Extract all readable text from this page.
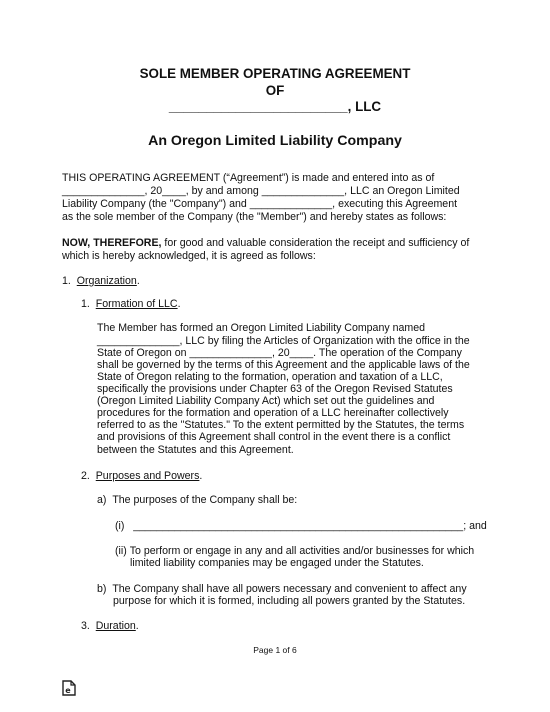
SOLE MEMBER OPERATING AGREEMENT
OF
________________________, LLC
An Oregon Limited Liability Company
THIS OPERATING AGREEMENT (“Agreement”) is made and entered into as of
______________, 20____, by and among ______________, LLC an Oregon Limited
Liability Company (the "Company") and ______________, executing this Agreement
as the sole member of the Company (the "Member") and hereby states as follows:
NOW, THEREFORE, for good and valuable consideration the receipt and sufficiency of
which is hereby acknowledged, it is agreed as follows:
1. Organization.
1. Formation of LLC.
The Member has formed an Oregon Limited Liability Company named
______________, LLC by filing the Articles of Organization with the office in the
State of Oregon on ______________, 20____. The operation of the Company
shall be governed by the terms of this Agreement and the applicable laws of the
State of Oregon relating to the formation, operation and taxation of a LLC,
specifically the provisions under Chapter 63 of the Oregon Revised Statutes
(Oregon Limited Liability Company Act) which set out the guidelines and
procedures for the formation and operation of a LLC hereinafter collectively
referred to as the "Statutes." To the extent permitted by the Statutes, the terms
and provisions of this Agreement shall control in the event there is a conflict
between the Statutes and this Agreement.
2. Purposes and Powers.
a) The purposes of the Company shall be:
(i) ________________________________________________________; and
(ii) To perform or engage in any and all activities and/or businesses for which
limited liability companies may be engaged under the Statutes.
b) The Company shall have all powers necessary and convenient to affect any
purpose for which it is formed, including all powers granted by the Statutes.
3. Duration.
Page 1 of 6
e
